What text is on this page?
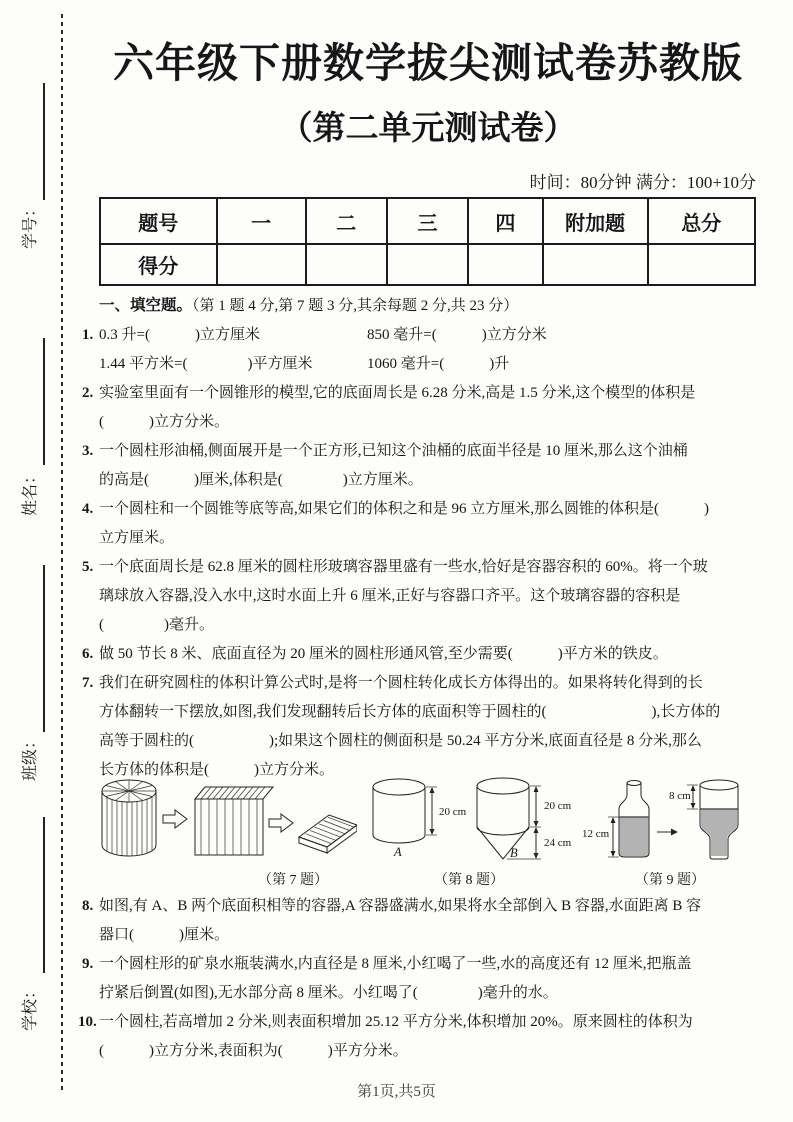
学号：
姓名：
班级：
学校：
六年级下册数学拔尖测试卷苏教版
（第二单元测试卷）
时间：80分钟 满分：100+10分
题号	一	二	三	四	附加题	总分
得分						
一、填空题。（第 1 题 4 分,第 7 题 3 分,其余每题 2 分,共 23 分）
1. 0.3 升=(　　　)立方厘米	850 毫升=(　　　)立方分米
1.44 平方米=(　　　　)平方厘米	1060 毫升=(　　　)升
2. 实验室里面有一个圆锥形的模型,它的底面周长是 6.28 分米,高是 1.5 分米,这个模型的体积是
(　　　)立方分米。
3. 一个圆柱形油桶,侧面展开是一个正方形,已知这个油桶的底面半径是 10 厘米,那么这个油桶
的高是(　　　)厘米,体积是(　　　　)立方厘米。
4. 一个圆柱和一个圆锥等底等高,如果它们的体积之和是 96 立方厘米,那么圆锥的体积是(　　　)
立方厘米。
5. 一个底面周长是 62.8 厘米的圆柱形玻璃容器里盛有一些水,恰好是容器容积的 60%。将一个玻
璃球放入容器,没入水中,这时水面上升 6 厘米,正好与容器口齐平。这个玻璃容器的容积是
(　　　　)毫升。
6. 做 50 节长 8 米、底面直径为 20 厘米的圆柱形通风管,至少需要(　　　)平方米的铁皮。
7. 我们在研究圆柱的体积计算公式时,是将一个圆柱转化成长方体得出的。如果将转化得到的长
方体翻转一下摆放,如图,我们发现翻转后长方体的底面积等于圆柱的(　　　　　　　),长方体的
高等于圆柱的(　　　　　);如果这个圆柱的侧面积是 50.24 平方分米,底面直径是 8 分米,那么
长方体的体积是(　　　)立方分米。
（第 7 题）
20 cm
A
20 cm
24 cm
B
（第 8 题）
12 cm
8 cm
（第 9 题）
8. 如图,有 A、B 两个底面积相等的容器,A 容器盛满水,如果将水全部倒入 B 容器,水面距离 B 容
器口(　　　)厘米。
9. 一个圆柱形的矿泉水瓶装满水,内直径是 8 厘米,小红喝了一些,水的高度还有 12 厘米,把瓶盖
拧紧后倒置(如图),无水部分高 8 厘米。小红喝了(　　　　)毫升的水。
10. 一个圆柱,若高增加 2 分米,则表面积增加 25.12 平方分米,体积增加 20%。原来圆柱的体积为
(　　　)立方分米,表面积为(　　　)平方分米。
第1页,共5页
